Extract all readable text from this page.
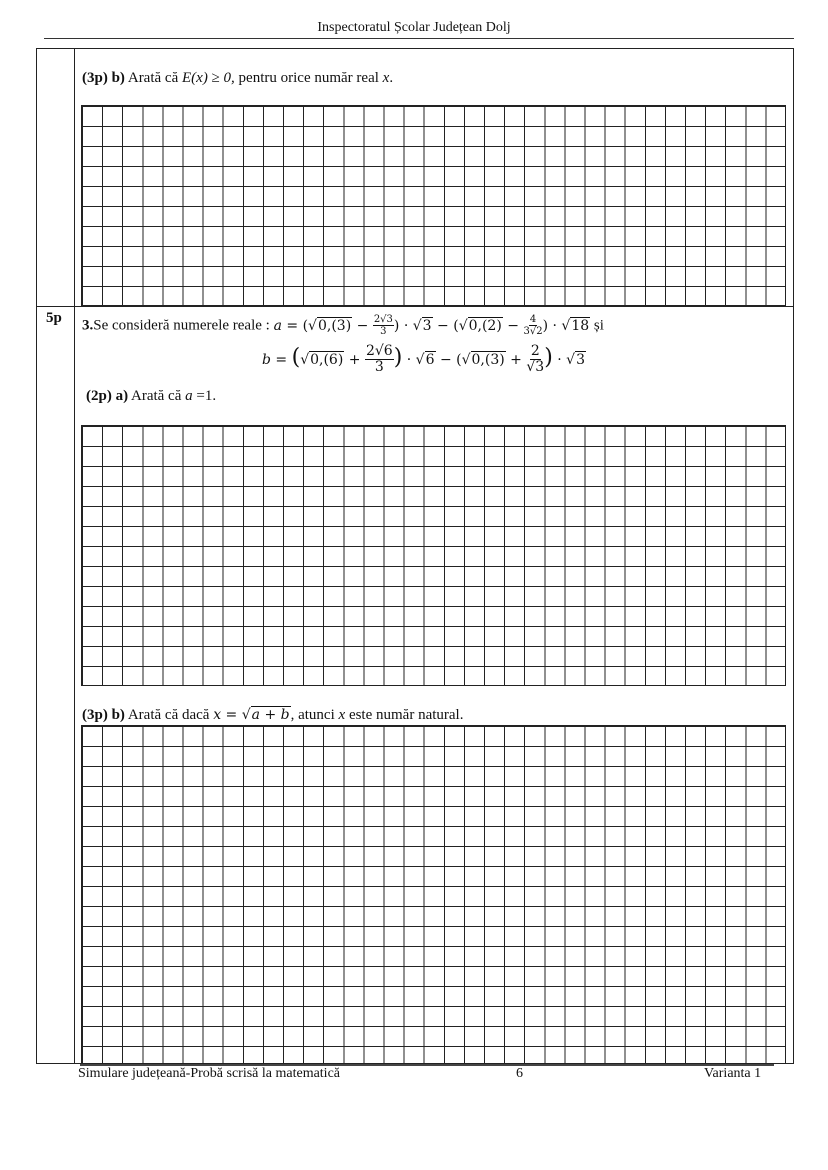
Inspectoratul Școlar Județean Dolj
(3p) b) Arată că E(x) ≥ 0, pentru orice număr real x.
5p 3.Se consideră numerele reale : $a = (√0,(3) - \frac{2√3}{3}$ ) · $√3 - (√0,(2) - \frac{4}{3√2}$ ) · √18 și
$b = (√0,(6) + \frac{2√6}{3}$ ) · $√6 - (√0,(3) + \frac{2}{√3}$ ) · √3
(2p) a) Arată că a =1.
(3p) b) Arată că dacă x = √a + b, atunci x este număr natural.
Simulare județeană-Probă scrisă la matematică	6	Varianta 1
